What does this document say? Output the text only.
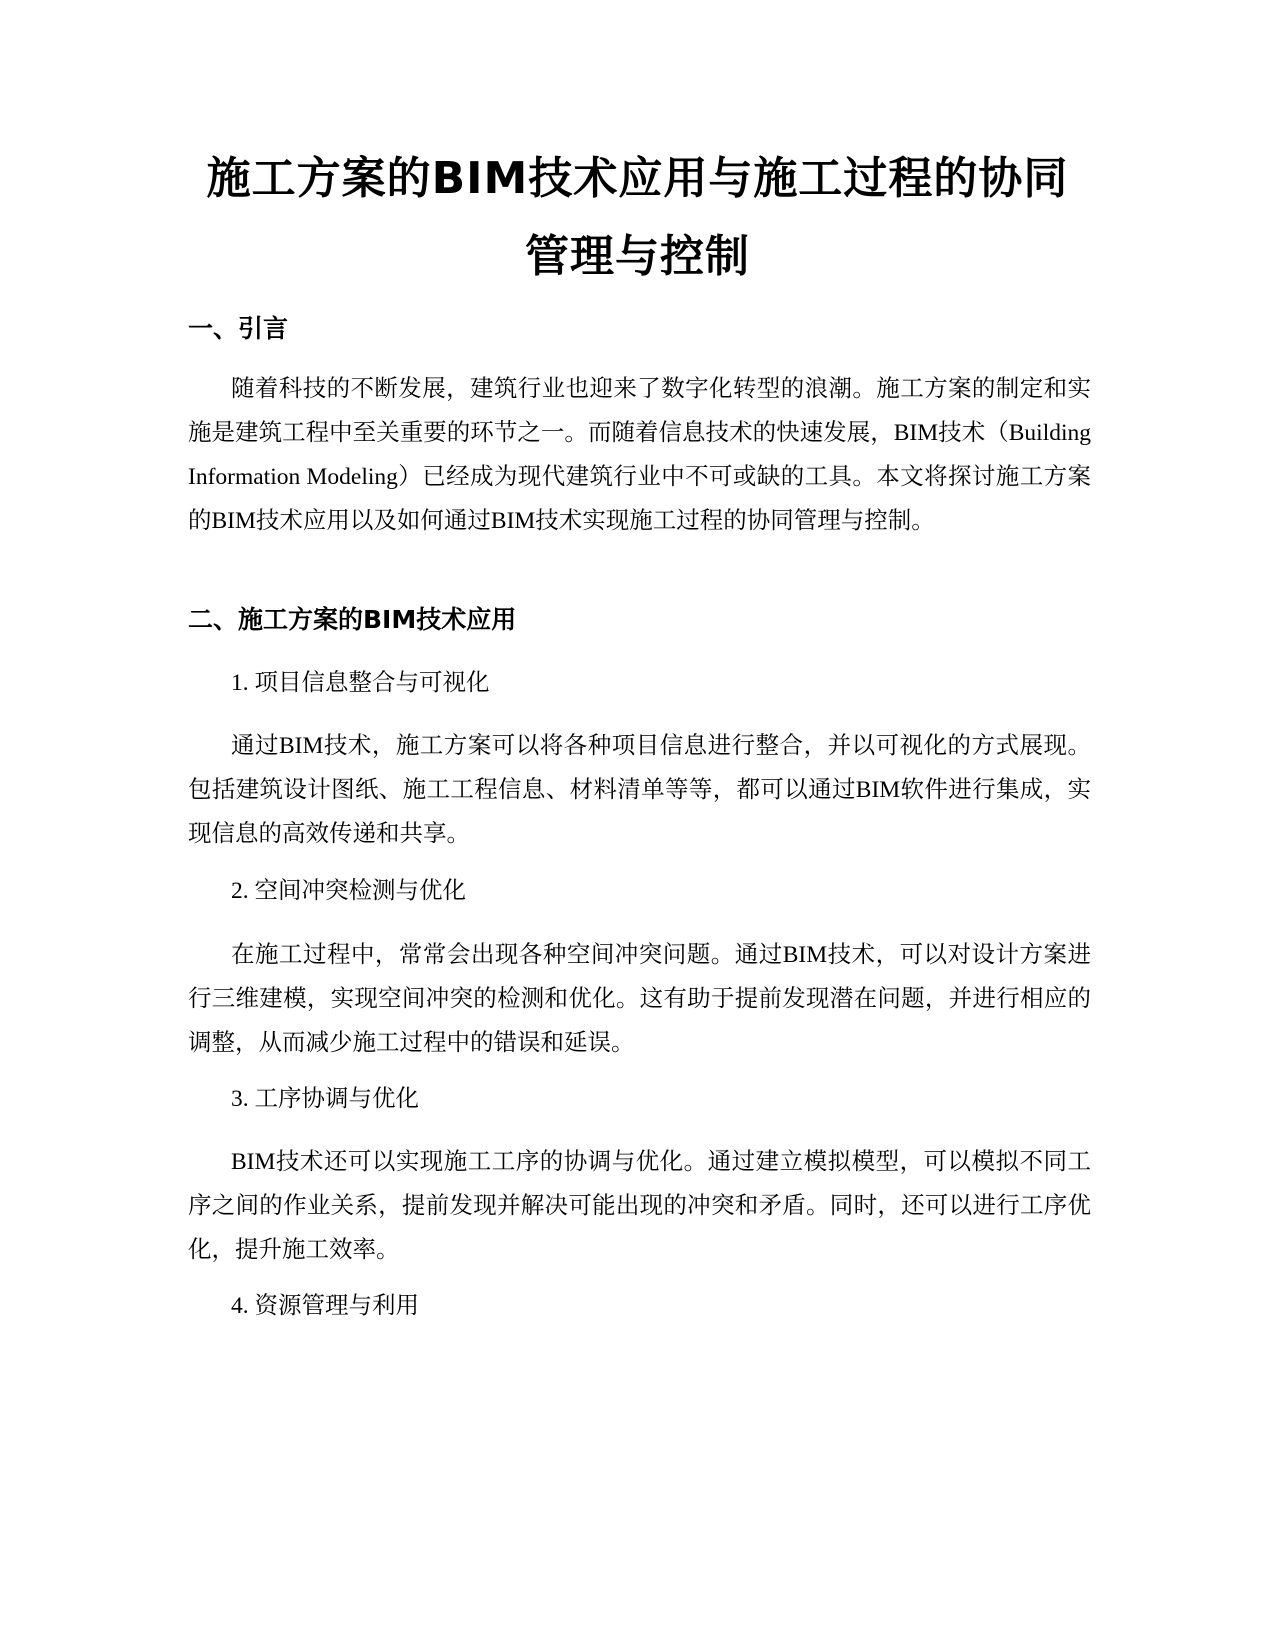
施工方案的BIM技术应用与施工过程的协同
管理与控制
一、引言

随着科技的不断发展，建筑行业也迎来了数字化转型的浪潮。施工方案的制定和实施是建筑工程中至关重要的环节之一。而随着信息技术的快速发展，BIM技术（Building Information Modeling）已经成为现代建筑行业中不可或缺的工具。本文将探讨施工方案的BIM技术应用以及如何通过BIM技术实现施工过程的协同管理与控制。

二、施工方案的BIM技术应用

1. 项目信息整合与可视化

通过BIM技术，施工方案可以将各种项目信息进行整合，并以可视化的方式展现。包括建筑设计图纸、施工工程信息、材料清单等等，都可以通过BIM软件进行集成，实现信息的高效传递和共享。

2. 空间冲突检测与优化

在施工过程中，常常会出现各种空间冲突问题。通过BIM技术，可以对设计方案进行三维建模，实现空间冲突的检测和优化。这有助于提前发现潜在问题，并进行相应的调整，从而减少施工过程中的错误和延误。

3. 工序协调与优化

BIM技术还可以实现施工工序的协调与优化。通过建立模拟模型，可以模拟不同工序之间的作业关系，提前发现并解决可能出现的冲突和矛盾。同时，还可以进行工序优化，提升施工效率。

4. 资源管理与利用
